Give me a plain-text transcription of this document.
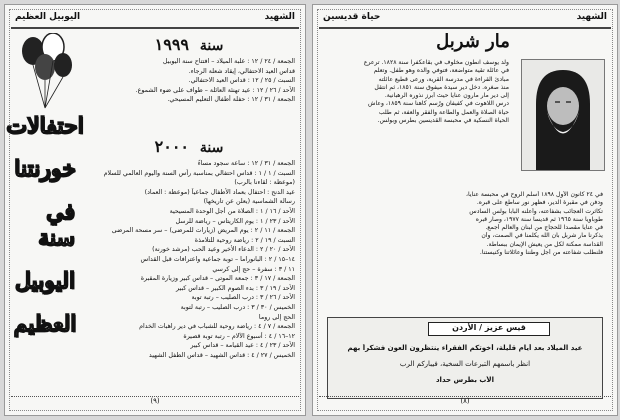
اليوبيل العظيم	الشهيد
احتفالات
خورنتنا
في سنة
اليوبيل
العظيم
سنة ١٩٩٩
الجمعة / ٢٤ / ١٢ : علبة الميلاد – افتتاح سنة اليوبيل
قداس العيد الاحتفالي، إيقاد شعلة الرجاء.
السبت / ٢٥ / ١٢ : قداس العيد الاحتفالي.
الأحد / ٢٦ / ١٢ : عيد تهنئة العائلة – طواف على ضوء الشموع.
الجمعة / ٣١ / ١٢ : حفلة أطفال التعليم المسيحي.
سنة ٢٠٠٠
الجمعة / ٣١ / ١٢ : ساعة سجود مساءً
السبت / ١ / ١ : قداس احتفالي بمناسبة رأس السنة واليوم العالمي للسلام
(موعظة : لقاءنا بالرب)
عيد الدنح : احتفال بعماد الأطفال جماعياً (موعظة : العماد)
رسالة الشماسية (يعلن عن تاريخها)
الأحد / ١٦ / ١ : الصلاة من أجل الوحدة المسيحية
الأحد / ٢٣ / ١ : يوم الكاريتاس – رياضة للرسل
الجمعة / ١١ / ٢ : يوم المريض (زيارات للمرضى) – سر مسحة المرضى
السبت / ١٩ / ٢ : رياضة روحية للتلامذة
الأحد / ٢٠ / ٢ : الدعاء الأخير وعيد الحب (مرشد خورنة)
١٤–١٥ / ٢ : البانوراما – توبة جماعية واعترافات قبل القداس
١١ / ٣ : سفرة – حج إلى كرسي
الجمعة / ١٧ / ٣ : جمعة الموتى – قداس كبير وزيارة المقبرة
الأحد / ١٩ / ٣ : بدء الصوم الكبير – قداس كبير
الأحد / ٢٦ / ٣ : درب الصليب – رتبة توبة
الخميس / ٣٠ / ٣ : درب الصليب – رتبة لتوبة
الحج إلى روما
الجمعة / ٧ / ٤ : رياضة روحية للشباب في دير راهبات الخدام
١٢–١٦ / ٤ : أسبوع الآلام – رتبة توبة قصيرة
الأحد / ٢٣ / ٤ : عيد القيامة – قداس كبير
الخميس / ٢٧ / ٤ : قداس الشهيد – قداس الطفل الشهيد
(٩)
حياة قديسين	الشهيد
مار شربل

ولد يوسف انطون مخلوف في بقاعكفرا سنة ١٨٢٨. ترعرع

في عائلة تقية متواضعة، فتوفي والده وهو طفل. وتعلم

مبادئ القراءة في مدرسة القرية، ورعى قطيع عائلته

منذ صغره. دخل دير سيدة ميفوق سنة ١٨٥١، ثم انتقل

إلى دير مار مارون عنايا حيث أبرز نذوره الرهبانية.

درس اللاهوت في كفيفان ورُسم كاهناً سنة ١٨٥٩، وعاش

حياة الصلاة والعمل والطاعة والفقر والعفة، ثم طلب

الحياة النسكية في محبسة القديسين بطرس وبولس.

في ٢٤ كانون الأول ١٨٩٨ أسلم الروح في محبسة عنايا،

ودفن في مقبرة الدير، فظهر نور ساطع على قبره.

تكاثرت العجائب بشفاعته، وأعلنه البابا بولس السادس

طوباوياً سنة ١٩٦٥ ثم قديساً سنة ١٩٧٧، وصار قبره

في عنايا مقصداً للحجاج من لبنان والعالم أجمع.

يذكرنا مار شربل بأن الله يكلمنا في الصمت، وأن

القداسة ممكنة لكل من يعيش الإيمان ببساطة.

فلنطلب شفاعته من أجل وطننا وعائلاتنا وكنيستنا.

قيس عزيز / الأردن
عيد الميلاد بعد أيام قليلة، أخوتكم الفقراء ينتظرون العون فشكراً بهم
انظر باسمهم التبرعات السخية، فيباركم الرب
الأب بطرس حداد
(٨)
